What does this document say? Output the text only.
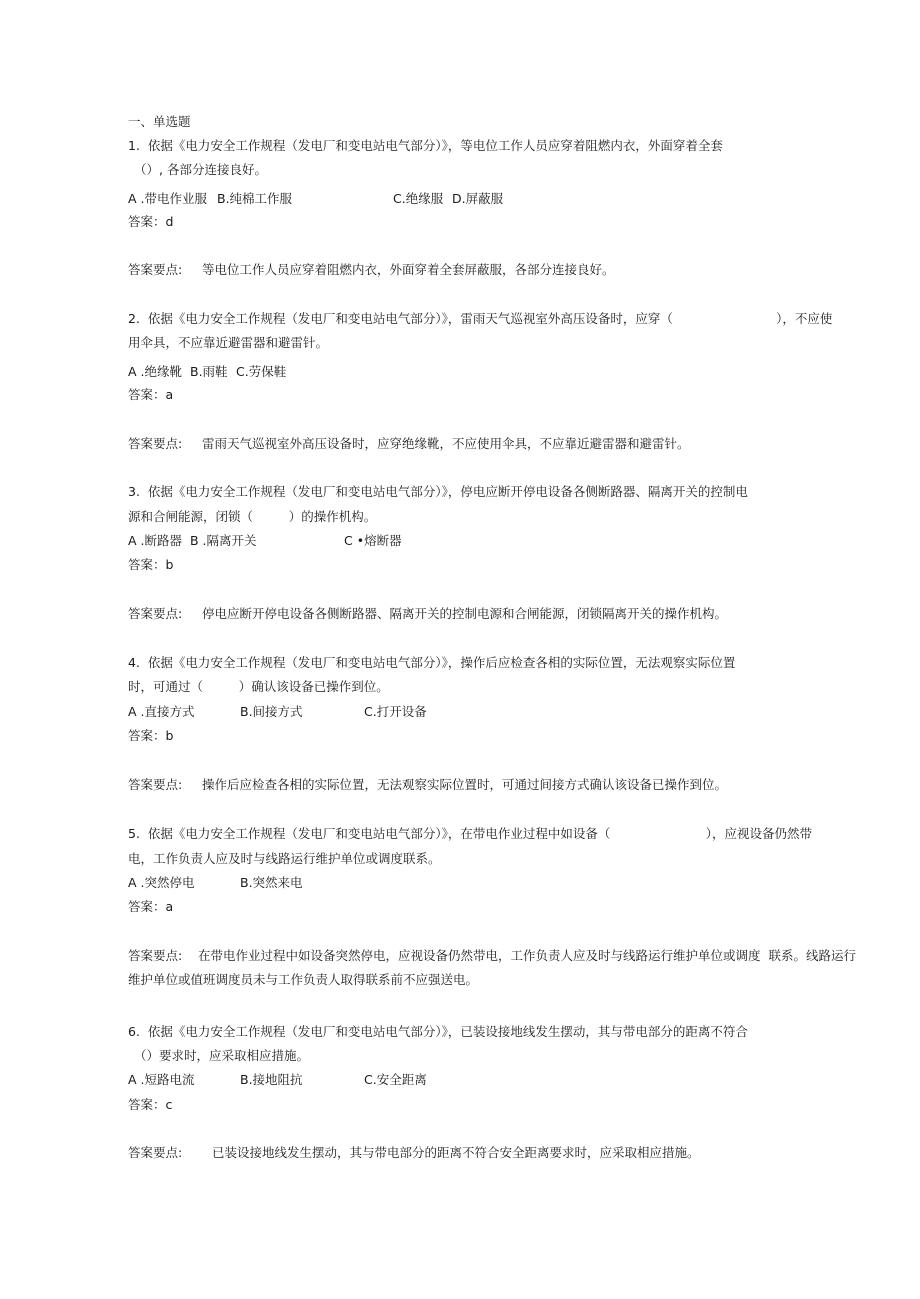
一、单选题
1.  依据《电力安全工作规程（发电厂和变电站电气部分）》，等电位工作人员应穿着阻燃内衣，外面穿着全套
（）, 各部分连接良好。
A .带电作业服 B.纯棉工作服	C.绝缘服 D.屏蔽服
答案：d
答案要点: 等电位工作人员应穿着阻燃内衣，外面穿着全套屏蔽服，各部分连接良好。
2.  依据《电力安全工作规程（发电厂和变电站电气部分）》，雷雨天气巡视室外高压设备时，应穿（                          ），不应使
用伞具，不应靠近避雷器和避雷针。
A .绝缘靴 B.雨鞋 C.劳保鞋
答案：a
答案要点: 雷雨天气巡视室外高压设备时，应穿绝缘靴，不应使用伞具，不应靠近避雷器和避雷针。
3.  依据《电力安全工作规程（发电厂和变电站电气部分）》，停电应断开停电设备各侧断路器、隔离开关的控制电
源和合闸能源，闭锁（         ）的操作机构。
A .断路器 B .隔离开关	C •熔断器
答案：b
答案要点: 停电应断开停电设备各侧断路器、隔离开关的控制电源和合闸能源，闭锁隔离开关的操作机构。
4.  依据《电力安全工作规程（发电厂和变电站电气部分）》，操作后应检查各相的实际位置，无法观察实际位置
时，可通过（         ）确认该设备已操作到位。
A .直接方式	B.间接方式	C.打开设备
答案：b
答案要点: 操作后应检查各相的实际位置，无法观察实际位置时，可通过间接方式确认该设备已操作到位。
5.  依据《电力安全工作规程（发电厂和变电站电气部分）》，在带电作业过程中如设备（                        ），应视设备仍然带
电，工作负责人应及时与线路运行维护单位或调度联系。
A .突然停电	B.突然来电
答案：a
答案要点: 在带电作业过程中如设备突然停电，应视设备仍然带电，工作负责人应及时与线路运行维护单位或调度  联系。线路运行
维护单位或值班调度员未与工作负责人取得联系前不应强送电。
6.  依据《电力安全工作规程（发电厂和变电站电气部分）》，已装设接地线发生摆动，其与带电部分的距离不符合
（）要求时，应采取相应措施。
A .短路电流	B.接地阻抗	C.安全距离
答案：c
答案要点: 已装设接地线发生摆动，其与带电部分的距离不符合安全距离要求时，应采取相应措施。
